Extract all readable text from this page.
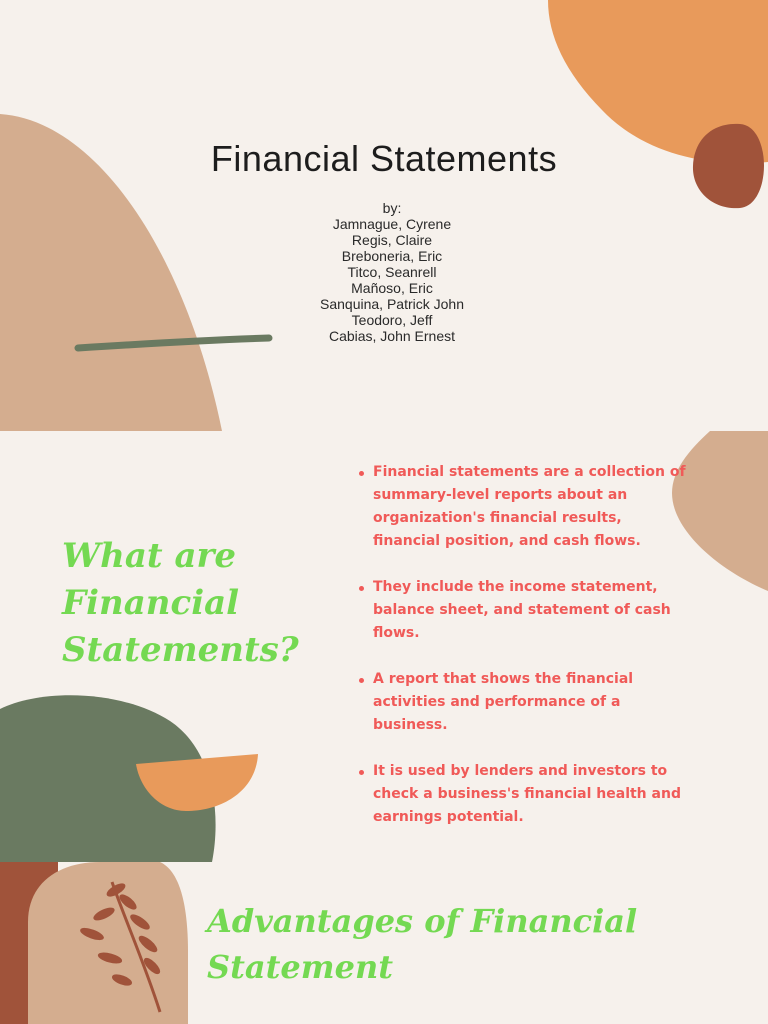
Financial Statements
by:
Jamnague, Cyrene
Regis, Claire
Breboneria, Eric
Titco, Seanrell
Mañoso, Eric
Sanquina, Patrick John
Teodoro, Jeff
Cabias, John Ernest
What are Financial Statements?
Financial statements are a collection of summary-level reports about an organization's financial results, financial position, and cash flows.
They include the income statement, balance sheet, and statement of cash flows.
A report that shows the financial activities and performance of a business.
It is used by lenders and investors to check a business's financial health and earnings potential.
Advantages of Financial Statement
